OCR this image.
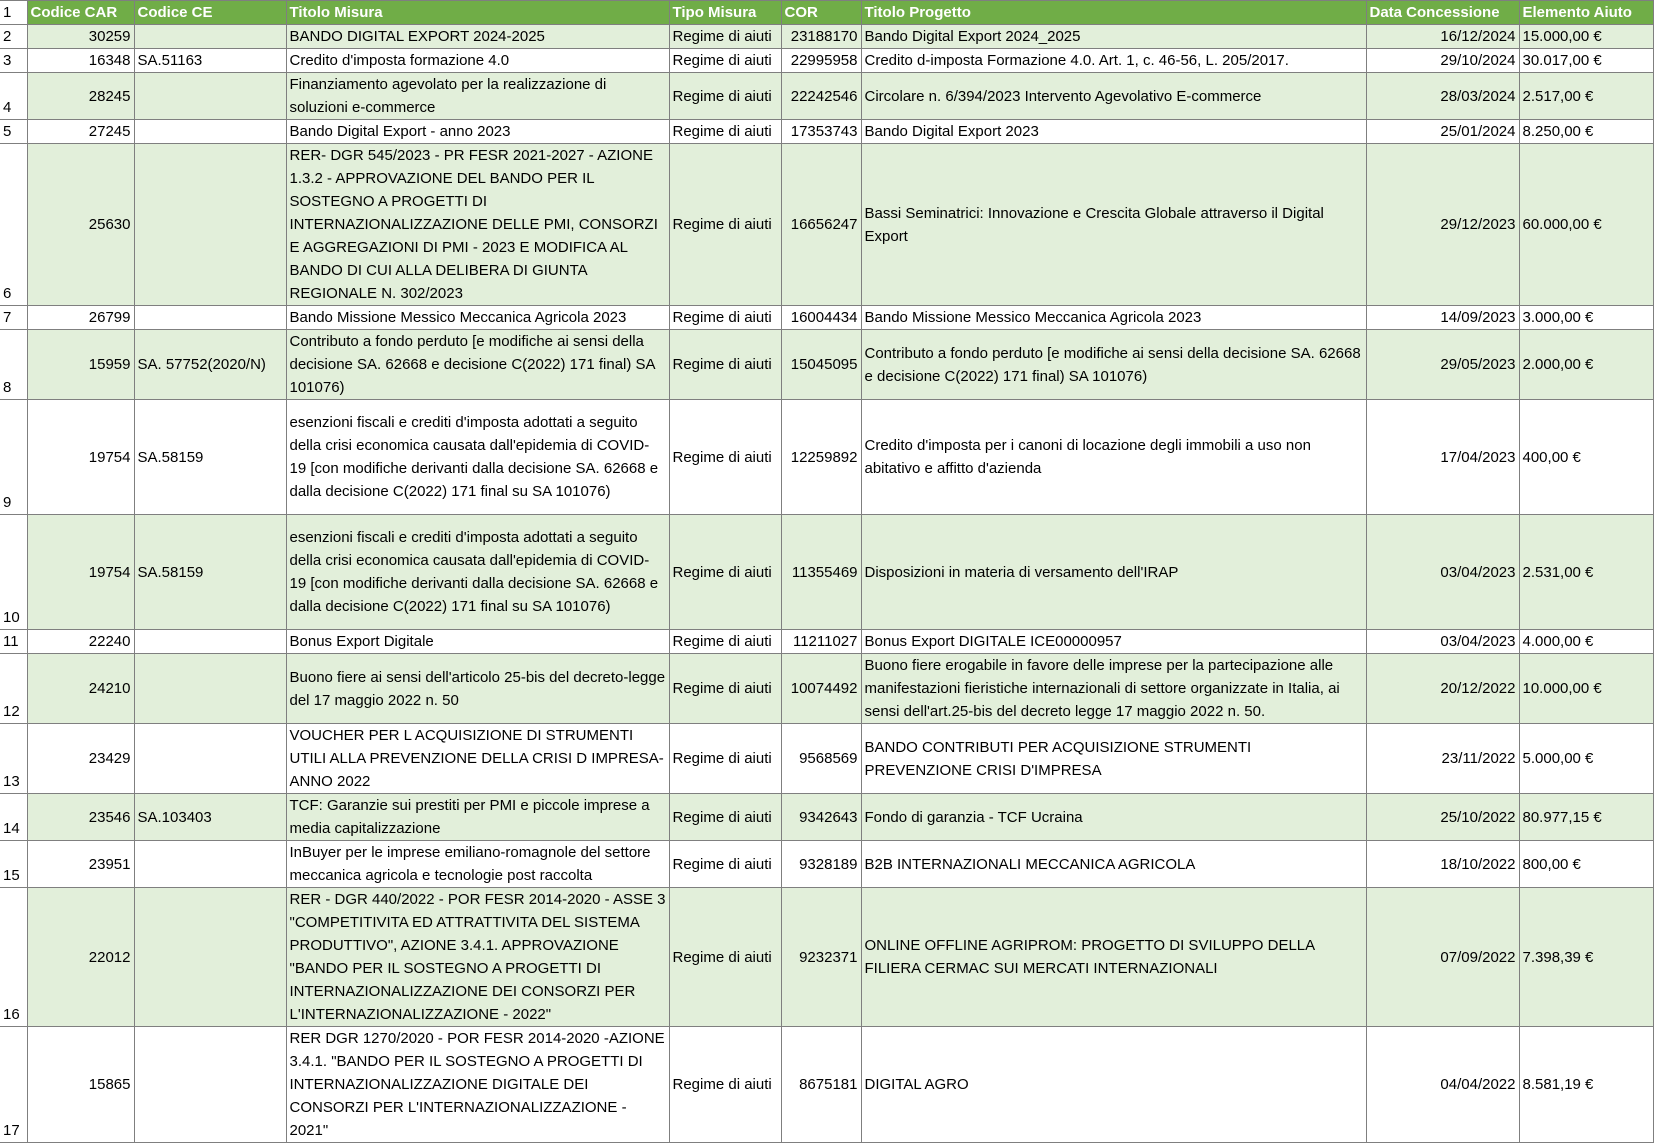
1	Codice CAR	Codice CE	Titolo Misura	Tipo Misura	COR	Titolo Progetto	Data Concessione	Elemento Aiuto
2	30259		BANDO DIGITAL EXPORT 2024-2025	Regime di aiuti	23188170	Bando Digital Export 2024_2025	16/12/2024	15.000,00 €
3	16348	SA.51163	Credito d'imposta formazione 4.0	Regime di aiuti	22995958	Credito d-imposta Formazione 4.0. Art. 1, c. 46-56, L. 205/2017.	29/10/2024	30.017,00 €
4	28245		Finanziamento agevolato per la realizzazione di soluzioni e-commerce	Regime di aiuti	22242546	Circolare n. 6/394/2023 Intervento Agevolativo E-commerce	28/03/2024	2.517,00 €
5	27245		Bando Digital Export - anno 2023	Regime di aiuti	17353743	Bando Digital Export 2023	25/01/2024	8.250,00 €
6	25630		RER- DGR 545/2023 - PR FESR 2021-2027 - AZIONE 1.3.2 - APPROVAZIONE DEL BANDO PER IL SOSTEGNO A PROGETTI DI INTERNAZIONALIZZAZIONE DELLE PMI, CONSORZI E AGGREGAZIONI DI PMI - 2023 E MODIFICA AL BANDO DI CUI ALLA DELIBERA DI GIUNTA REGIONALE N. 302/2023	Regime di aiuti	16656247	Bassi Seminatrici: Innovazione e Crescita Globale attraverso il Digital Export	29/12/2023	60.000,00 €
7	26799		Bando Missione Messico Meccanica Agricola 2023	Regime di aiuti	16004434	Bando Missione Messico Meccanica Agricola 2023	14/09/2023	3.000,00 €
8	15959	SA. 57752(2020/N)	Contributo a fondo perduto [e modifiche ai sensi della decisione SA. 62668 e decisione C(2022) 171 final) SA 101076)	Regime di aiuti	15045095	Contributo a fondo perduto [e modifiche ai sensi della decisione SA. 62668 e decisione C(2022) 171 final) SA 101076)	29/05/2023	2.000,00 €
9	19754	SA.58159	esenzioni fiscali e crediti d'imposta adottati a seguito della crisi economica causata dall'epidemia di COVID-19 [con modifiche derivanti dalla decisione SA. 62668 e dalla decisione C(2022) 171 final su SA 101076)	Regime di aiuti	12259892	Credito d'imposta per i canoni di locazione degli immobili a uso non abitativo e affitto d'azienda	17/04/2023	400,00 €
10	19754	SA.58159	esenzioni fiscali e crediti d'imposta adottati a seguito della crisi economica causata dall'epidemia di COVID-19 [con modifiche derivanti dalla decisione SA. 62668 e dalla decisione C(2022) 171 final su SA 101076)	Regime di aiuti	11355469	Disposizioni in materia di versamento dell'IRAP	03/04/2023	2.531,00 €
11	22240		Bonus Export Digitale	Regime di aiuti	11211027	Bonus Export DIGITALE ICE00000957	03/04/2023	4.000,00 €
12	24210		Buono fiere ai sensi dell'articolo 25-bis del decreto-legge del 17 maggio 2022 n. 50	Regime di aiuti	10074492	Buono fiere erogabile in favore delle imprese per la partecipazione alle manifestazioni fieristiche internazionali di settore organizzate in Italia, ai sensi dell'art.25-bis del decreto legge 17 maggio 2022 n. 50.	20/12/2022	10.000,00 €
13	23429		VOUCHER PER L ACQUISIZIONE DI STRUMENTI UTILI ALLA PREVENZIONE DELLA CRISI D IMPRESA- ANNO 2022	Regime di aiuti	9568569	BANDO CONTRIBUTI PER ACQUISIZIONE STRUMENTI PREVENZIONE CRISI D'IMPRESA	23/11/2022	5.000,00 €
14	23546	SA.103403	TCF: Garanzie sui prestiti per PMI e piccole imprese a media capitalizzazione	Regime di aiuti	9342643	Fondo di garanzia - TCF Ucraina	25/10/2022	80.977,15 €
15	23951		InBuyer per le imprese emiliano-romagnole del settore meccanica agricola e tecnologie post raccolta	Regime di aiuti	9328189	B2B INTERNAZIONALI MECCANICA AGRICOLA	18/10/2022	800,00 €
16	22012		RER - DGR 440/2022 - POR FESR 2014-2020 - ASSE 3 "COMPETITIVITA ED ATTRATTIVITA DEL SISTEMA PRODUTTIVO", AZIONE 3.4.1. APPROVAZIONE "BANDO PER IL SOSTEGNO A PROGETTI DI INTERNAZIONALIZZAZIONE DEI CONSORZI PER L'INTERNAZIONALIZZAZIONE - 2022"	Regime di aiuti	9232371	ONLINE OFFLINE AGRIPROM: PROGETTO DI SVILUPPO DELLA FILIERA CERMAC SUI MERCATI INTERNAZIONALI	07/09/2022	7.398,39 €
17	15865		RER DGR 1270/2020 - POR FESR 2014-2020 -AZIONE 3.4.1. "BANDO PER IL SOSTEGNO A PROGETTI DI INTERNAZIONALIZZAZIONE DIGITALE DEI CONSORZI PER L'INTERNAZIONALIZZAZIONE - 2021"	Regime di aiuti	8675181	DIGITAL AGRO	04/04/2022	8.581,19 €
